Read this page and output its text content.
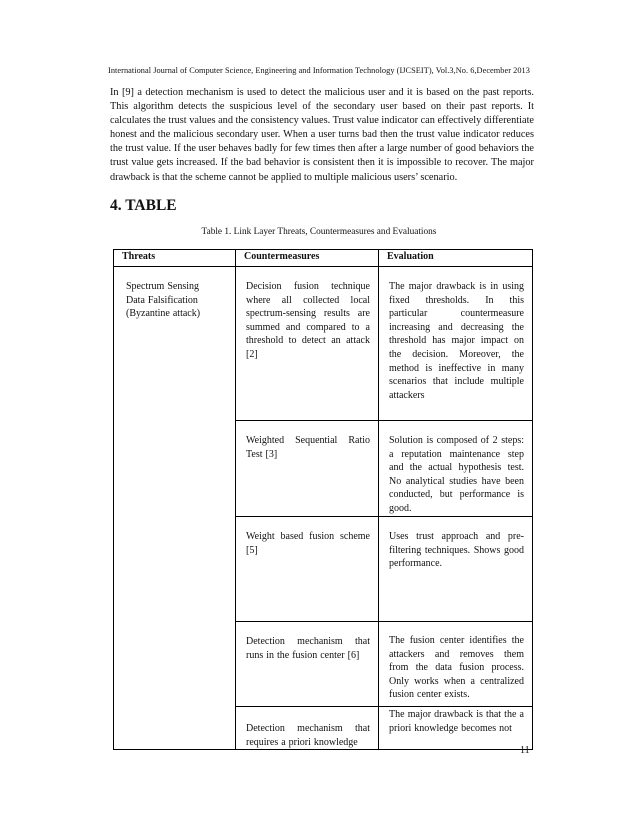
International Journal of Computer Science, Engineering and Information Technology (IJCSEIT), Vol.3,No. 6,December 2013

In [9] a detection mechanism is used to detect the malicious user and it is based on the past reports. This algorithm detects the suspicious level of the secondary user based on their past reports. It calculates the trust values and the consistency values. Trust value indicator can effectively differentiate honest and the malicious secondary user. When a user turns bad then the trust value indicator reduces the trust value. If the user behaves badly for few times then after a large number of good behaviors the trust value gets increased. If the bad behavior is consistent then it is impossible to recover. The major drawback is that the scheme cannot be applied to multiple malicious users’ scenario.

4. TABLE
Table 1. Link Layer Threats, Countermeasures and Evaluations
Threats	Countermeasures	Evaluation

Spectrum Sensing Data Falsification (Byzantine attack)	Decision fusion technique where all collected local spectrum-sensing results are summed and compared to a threshold to detect an attack [2]	The major drawback is in using fixed thresholds. In this particular countermeasure increasing and decreasing the threshold has major impact on the decision. Moreover, the method is ineffective in many scenarios that include multiple attackers

	Weighted Sequential Ratio Test [3]	Solution is composed of 2 steps: a reputation maintenance step and the actual hypothesis test. No analytical studies have been conducted, but performance is good.

	Weight based fusion scheme [5]	Uses trust approach and pre-filtering techniques. Shows good performance.

	Detection mechanism that runs in the fusion center [6]	The fusion center identifies the attackers and removes them from the data fusion process. Only works when a centralized fusion center exists.

	Detection mechanism that requires a priori knowledge	The major drawback is that the a priori knowledge becomes not
11
